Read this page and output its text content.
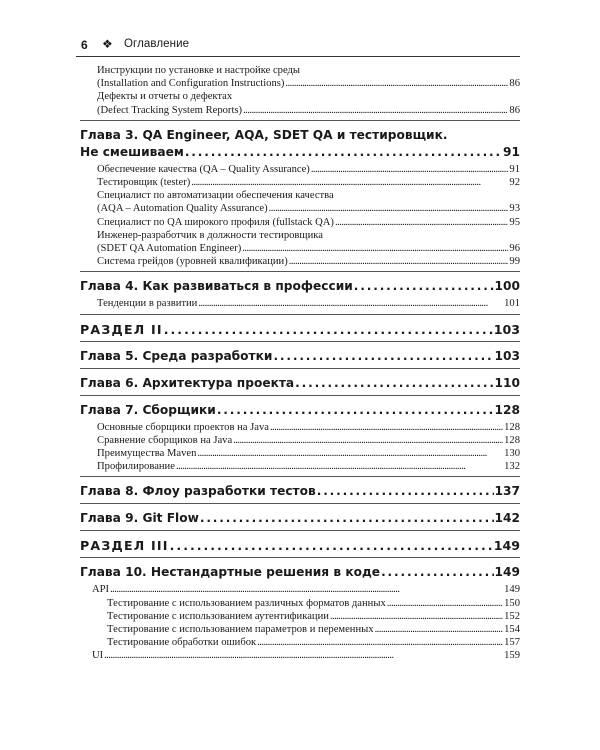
6 ❖ Оглавление
Инструкции по установке и настройке среды
(Installation and Configuration Instructions) . . .	86
Дефекты и отчеты о дефектах
(Defect Tracking System Reports) . . .	86
Глава 3. QA Engineer, AQA, SDET QA и тестировщик.
Не смешиваем . . .	91
Обеспечение качества (QA – Quality Assurance) . . .	91
Тестировщик (tester) . . .	92
Специалист по автоматизации обеспечения качества
(AQA – Automation Quality Assurance) . . .	93
Специалист по QA широкого профиля (fullstack QA) . . .	95
Инженер-разработчик в должности тестировщика
(SDET QA Automation Engineer) . . .	96
Система грейдов (уровней квалификации) . . .	99
Глава 4. Как развиваться в профессии . . .	100
Тенденции в развитии . . .	101
РАЗДЕЛ II . . .	103
Глава 5. Среда разработки . . .	103
Глава 6. Архитектура проекта . . .	110
Глава 7. Сборщики . . .	128
Основные сборщики проектов на Java . . .	128
Сравнение сборщиков на Java . . .	128
Преимущества Maven . . .	130
Профилирование . . .	132
Глава 8. Флоу разработки тестов . . .	137
Глава 9. Git Flow . . .	142
РАЗДЕЛ III . . .	149
Глава 10. Нестандартные решения в коде . . .	149
API . . .	149
Тестирование с использованием различных форматов данных . . .	150
Тестирование с использованием аутентификации . . .	152
Тестирование с использованием параметров и переменных . . .	154
Тестирование обработки ошибок . . .	157
UI . . .	159
